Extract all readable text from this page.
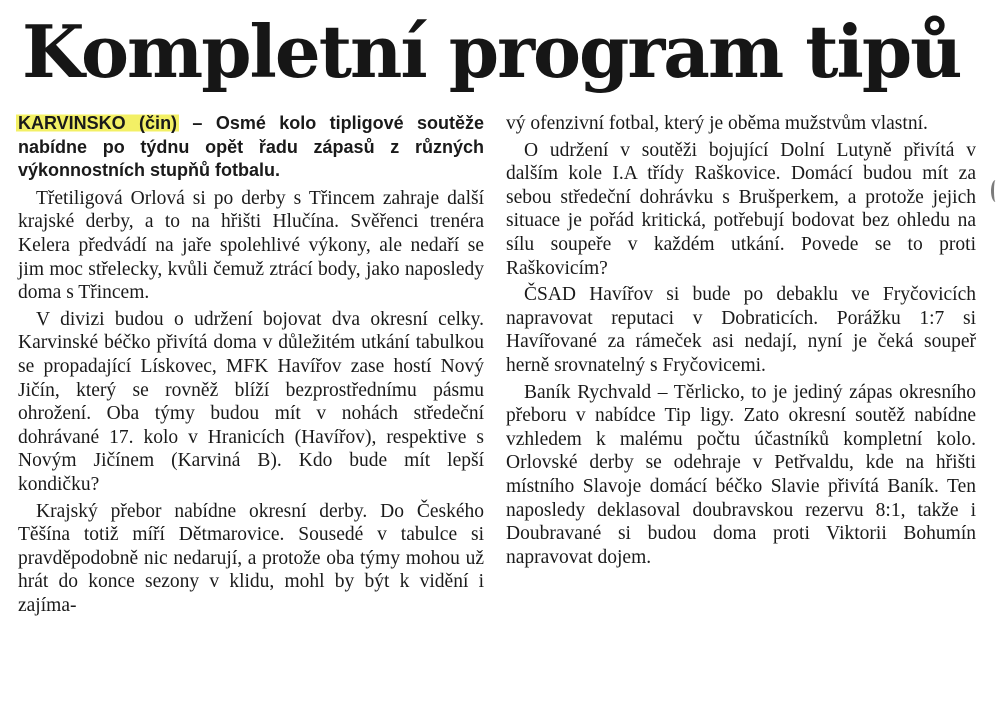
Kompletní program tipů

KARVINSKO (čin) – Osmé kolo tipligové soutěže nabídne po týdnu opět řadu zápasů z různých výkonnostních stupňů fotbalu.

Třetiligová Orlová si po derby s Třincem zahraje další krajské derby, a to na hřišti Hlučína. Svěřenci trenéra Kelera předvádí na jaře spolehlivé výkony, ale nedaří se jim moc střelecky, kvůli čemuž ztrácí body, jako naposledy doma s Třincem.

V divizi budou o udržení bojovat dva okresní celky. Karvinské béčko přivítá doma v důležitém utkání tabulkou se propadající Lískovec, MFK Havířov zase hostí Nový Jičín, který se rovněž blíží bezprostřednímu pásmu ohrožení. Oba týmy budou mít v nohách středeční dohrávané 17. kolo v Hranicích (Havířov), respektive s Novým Jičínem (Karviná B). Kdo bude mít lepší kondičku?

Krajský přebor nabídne okresní derby. Do Českého Těšína totiž míří Dětmarovice. Sousedé v tabulce si pravděpodobně nic nedarují, a protože oba týmy mohou už hrát do konce sezony v klidu, mohl by být k vidění i zajíma-

vý ofenzivní fotbal, který je oběma mužstvům vlastní.

O udržení v soutěži bojující Dolní Lutyně přivítá v dalším kole I.A třídy Raškovice. Domácí budou mít za sebou středeční dohrávku s Brušperkem, a protože jejich situace je pořád kritická, potřebují bodovat bez ohledu na sílu soupeře v každém utkání. Povede se to proti Raškovicím?

ČSAD Havířov si bude po debaklu ve Fryčovicích napravovat reputaci v Dobraticích. Porážku 1:7 si Havířované za rámeček asi nedají, nyní je čeká soupeř herně srovnatelný s Fryčovicemi.

Baník Rychvald – Těrlicko, to je jediný zápas okresního přeboru v nabídce Tip ligy. Zato okresní soutěž nabídne vzhledem k malému počtu účastníků kompletní kolo. Orlovské derby se odehraje v Petřvaldu, kde na hřišti místního Slavoje domácí béčko Slavie přivítá Baník. Ten naposledy deklasoval doubravskou rezervu 8:1, takže i Doubravané si budou doma proti Viktorii Bohumín napravovat dojem.
